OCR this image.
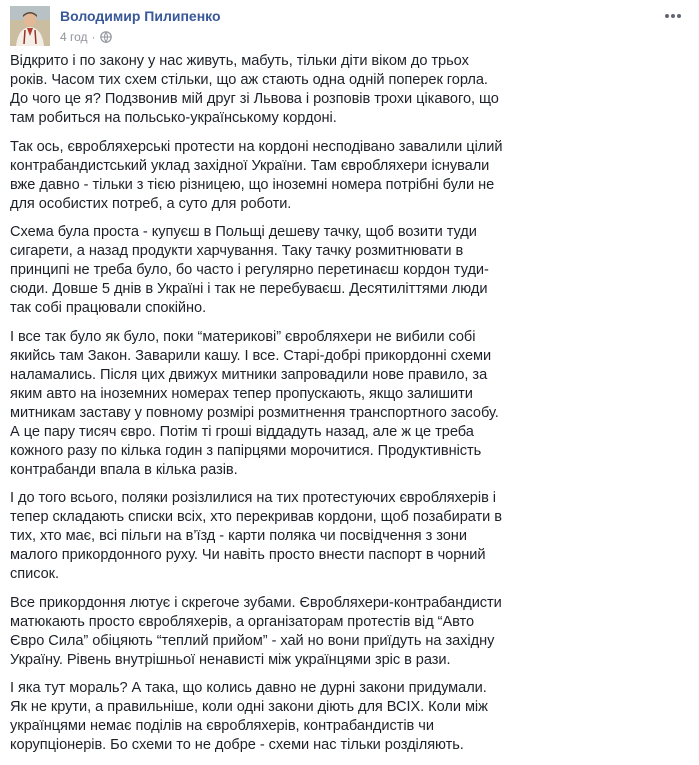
Володимир Пилипенко
4 год ·

Відкрито і по закону у нас живуть, мабуть, тільки діти віком до трьох
років. Часом тих схем стільки, що аж стають одна одній поперек горла.
До чого це я? Подзвонив мій друг зі Львова і розповів трохи цікавого, що
там робиться на польсько-українському кордоні.

Так ось, євробляхерські протести на кордоні несподівано завалили цілий
контрабандистський уклад західної України. Там євробляхери існували
вже давно - тільки з тією різницею, що іноземні номера потрібні були не
для особистих потреб, а суто для роботи.

Схема була проста - купуєш в Польщі дешеву тачку, щоб возити туди
сигарети, а назад продукти харчування. Таку тачку розмитнювати в
принципі не треба було, бо часто і регулярно перетинаєш кордон туди-
сюди. Довше 5 днів в Україні і так не перебуваєш. Десятиліттями люди
так собі працювали спокійно.

І все так було як було, поки “материкові” євробляхери не вибили собі
якийсь там Закон. Заварили кашу. І все. Старі-добрі прикордонні схеми
наламались. Після цих движух митники запровадили нове правило, за
яким авто на іноземних номерах тепер пропускають, якщо залишити
митникам заставу у повному розмірі розмитнення транспортного засобу.
А це пару тисяч євро. Потім ті гроші віддадуть назад, але ж це треба
кожного разу по кілька годин з папірцями морочитися. Продуктивність
контрабанди впала в кілька разів.

І до того всього, поляки розізлилися на тих протестуючих євробляхерів і
тепер складають списки всіх, хто перекривав кордони, щоб позабирати в
тих, хто має, всі пільги на в’їзд - карти поляка чи посвідчення з зони
малого прикордонного руху. Чи навіть просто внести паспорт в чорний
список.

Все прикордоння лютує і скрегоче зубами. Євробляхери-контрабандисти
матюкають просто євробляхерів, а організаторам протестів від “Авто
Євро Сила” обіцяють “теплий прийом” - хай но вони приїдуть на західну
Україну. Рівень внутрішньої ненависті між українцями зріс в рази.

І яка тут мораль? А така, що колись давно не дурні закони придумали.
Як не крути, а правильніше, коли одні закони діють для ВСІХ. Коли між
українцями немає поділів на євробляхерів, контрабандистів чи
корупціонерів. Бо схеми то не добре - схеми нас тільки розділяють.
